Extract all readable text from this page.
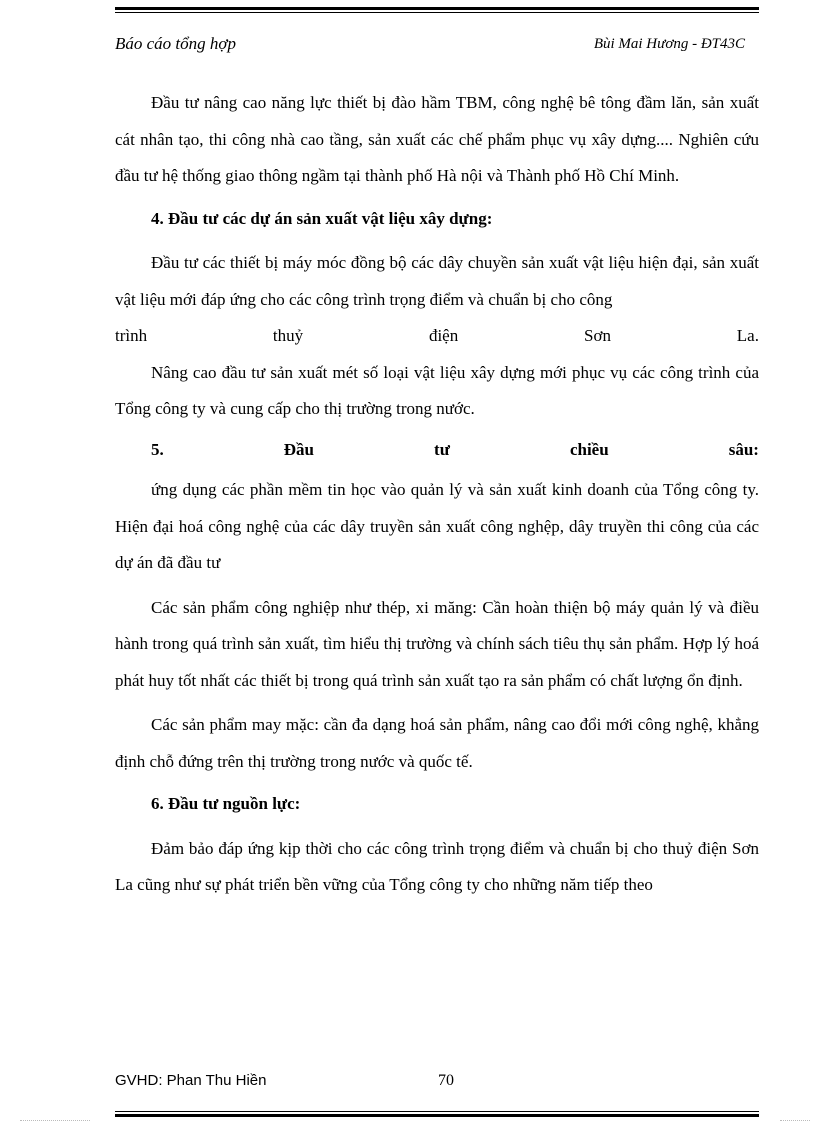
Báo cáo tổng hợp	Bùi Mai Hương - ĐT43C

Đầu tư nâng cao năng lực thiết bị đào hầm TBM, công nghệ bê tông đầm lăn, sản xuất cát nhân tạo, thi công nhà cao tầng, sản xuất các chế phẩm phục vụ xây dựng.... Nghiên cứu đầu tư hệ thống giao thông ngầm tại thành phố Hà nội và Thành phố Hồ Chí Minh.

4. Đầu tư các dự án sản xuất vật liệu xây dựng:

Đầu tư các thiết bị máy móc đồng bộ các dây chuyền sản xuất vật liệu hiện đại, sản xuất vật liệu mới đáp ứng cho các công trình trọng điểm và chuẩn bị cho công

trình	thuỷ	điện	Sơn	La.

Nâng cao đầu tư sản xuất mét số loại vật liệu xây dựng mới phục vụ các công trình của Tổng công ty và cung cấp cho thị trường trong nước.

5.	Đầu	tư	chiều	sâu:

ứng dụng các phần mềm tin học vào quản lý và sản xuất kinh doanh của Tổng công ty. Hiện đại hoá công nghệ của các dây truyền sản xuất công nghệp, dây truyền thi công của các dự án đã đầu tư

Các sản phẩm công nghiệp như thép, xi măng: Cần hoàn thiện bộ máy quản lý và điều hành trong quá trình sản xuất, tìm hiểu thị trường và chính sách tiêu thụ sản phẩm. Hợp lý hoá phát huy tốt nhất các thiết bị trong quá trình sản xuất tạo ra sản phẩm có chất lượng ổn định.

Các sản phẩm may mặc: cần đa dạng hoá sản phẩm, nâng cao đổi mới công nghệ, khẳng định chỗ đứng trên thị trường trong nước và quốc tế.

6. Đầu tư nguồn lực:

Đảm bảo đáp ứng kịp thời cho các công trình trọng điểm và chuẩn bị cho thuỷ điện Sơn La cũng như sự phát triển bền vững của Tổng công ty cho những năm tiếp theo

GVHD: Phan Thu Hiền	70
